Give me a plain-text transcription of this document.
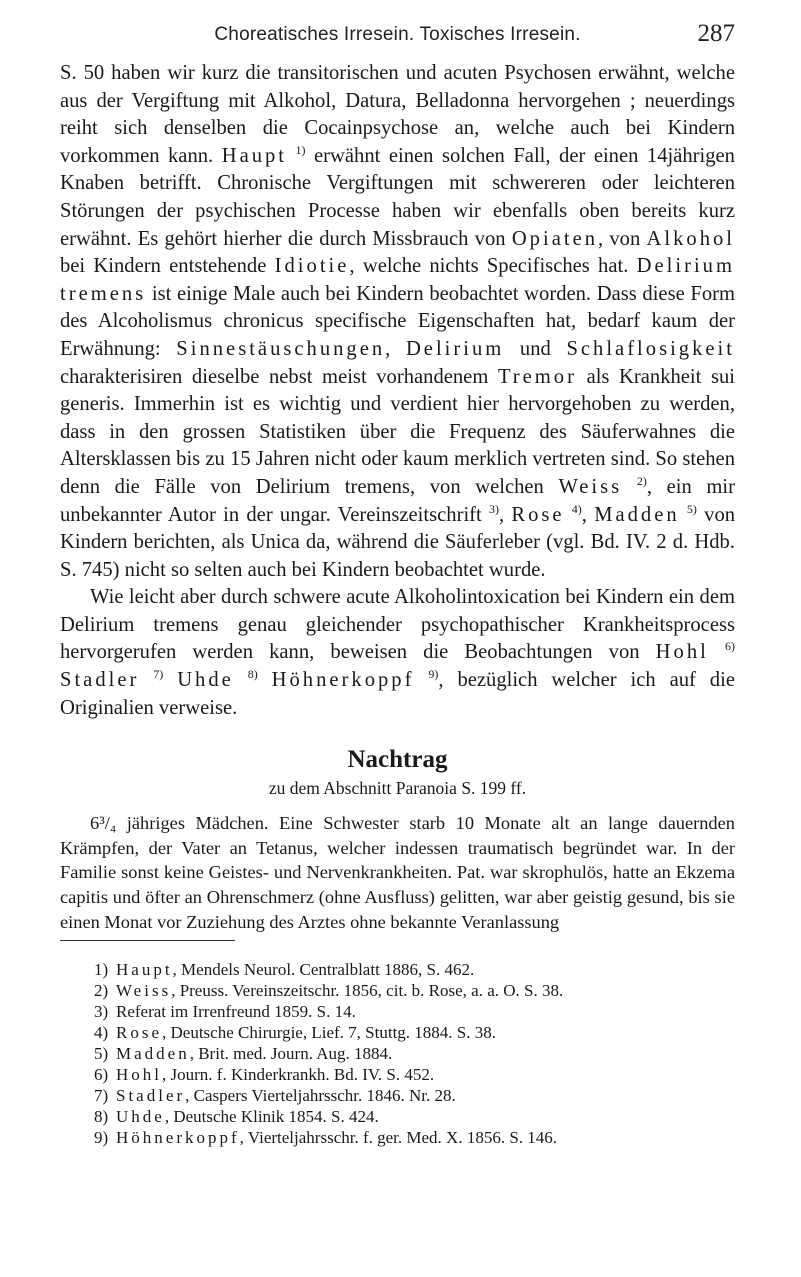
Choreatisches Irresein. Toxisches Irresein.	287

S. 50 haben wir kurz die transitorischen und acuten Psychosen erwähnt, welche aus der Vergiftung mit Alkohol, Datura, Belladonna hervorgehen ; neuerdings reiht sich denselben die Cocainpsychose an, welche auch bei Kindern vorkommen kann. Haupt $^{1)}$ erwähnt einen solchen Fall, der einen 14jährigen Knaben betrifft. Chronische Vergiftungen mit schwereren oder leichteren Störungen der psychischen Processe haben wir ebenfalls oben bereits kurz erwähnt. Es gehört hierher die durch Missbrauch von Opiaten, von Alkohol bei Kindern entstehende Idiotie, welche nichts Specifisches hat. Delirium tremens ist einige Male auch bei Kindern beobachtet worden. Dass diese Form des Alcoholismus chronicus specifische Eigenschaften hat, bedarf kaum der Erwähnung: Sinnestäuschungen, Delirium und Schlaflosigkeit charakterisiren dieselbe nebst meist vorhandenem Tremor als Krankheit sui generis. Immerhin ist es wichtig und verdient hier hervorgehoben zu werden, dass in den grossen Statistiken über die Frequenz des Säuferwahnes die Altersklassen bis zu 15 Jahren nicht oder kaum merklich vertreten sind. So stehen denn die Fälle von Delirium tremens, von welchen Weiss $^{2)}$, ein mir unbekannter Autor in der ungar. Vereinszeitschrift $^{3)}$, Rose $^{4)}$, Madden $^{5)}$ von Kindern berichten, als Unica da, während die Säuferleber (vgl. Bd. IV. 2 d. Hdb. S. 745) nicht so selten auch bei Kindern beobachtet wurde.

Wie leicht aber durch schwere acute Alkoholintoxication bei Kindern ein dem Delirium tremens genau gleichender psychopathischer Krankheitsprocess hervorgerufen werden kann, beweisen die Beobachtungen von Hohl $^{6)}$ Stadler $^{7)}$ Uhde $^{8)}$ Höhnerkoppf $^{9)}$, bezüglich welcher ich auf die Originalien verweise.

Nachtrag
zu dem Abschnitt Paranoia S. 199 ff.

6³/₄ jähriges Mädchen. Eine Schwester starb 10 Monate alt an lange dauernden Krämpfen, der Vater an Tetanus, welcher indessen traumatisch begründet war. In der Familie sonst keine Geistes- und Nervenkrankheiten. Pat. war skrophulös, hatte an Ekzema capitis und öfter an Ohrenschmerz (ohne Ausfluss) gelitten, war aber geistig gesund, bis sie einen Monat vor Zuziehung des Arztes ohne bekannte Veranlassung

1) Haupt, Mendels Neurol. Centralblatt 1886, S. 462.
2) Weiss, Preuss. Vereinszeitschr. 1856, cit. b. Rose, a. a. O. S. 38.
3) Referat im Irrenfreund 1859. S. 14.
4) Rose, Deutsche Chirurgie, Lief. 7, Stuttg. 1884. S. 38.
5) Madden, Brit. med. Journ. Aug. 1884.
6) Hohl, Journ. f. Kinderkrankh. Bd. IV. S. 452.
7) Stadler, Caspers Vierteljahrsschr. 1846. Nr. 28.
8) Uhde, Deutsche Klinik 1854. S. 424.
9) Höhnerkoppf, Vierteljahrsschr. f. ger. Med. X. 1856. S. 146.
